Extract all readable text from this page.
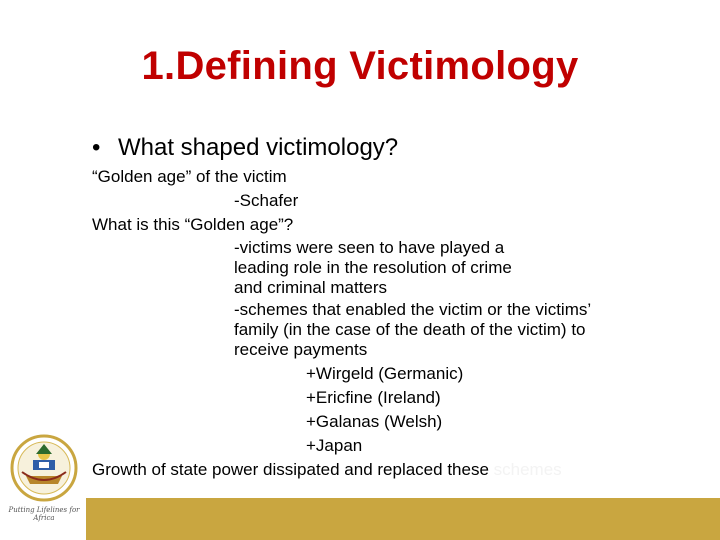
1.Defining Victimology
• What shaped victimology?
“Golden age” of the victim
-Schafer
What is this “Golden age”?
-victims were seen to have played a
leading role in the resolution of crime
and criminal matters
-schemes that enabled the victim or the victims’
family (in the case of the death of the victim) to
receive payments
+Wirgeld (Germanic)
+Ericfine (Ireland)
+Galanas (Welsh)
+Japan
Growth of state power dissipated and replaced these schemes
Putting Lifelines for Africa
